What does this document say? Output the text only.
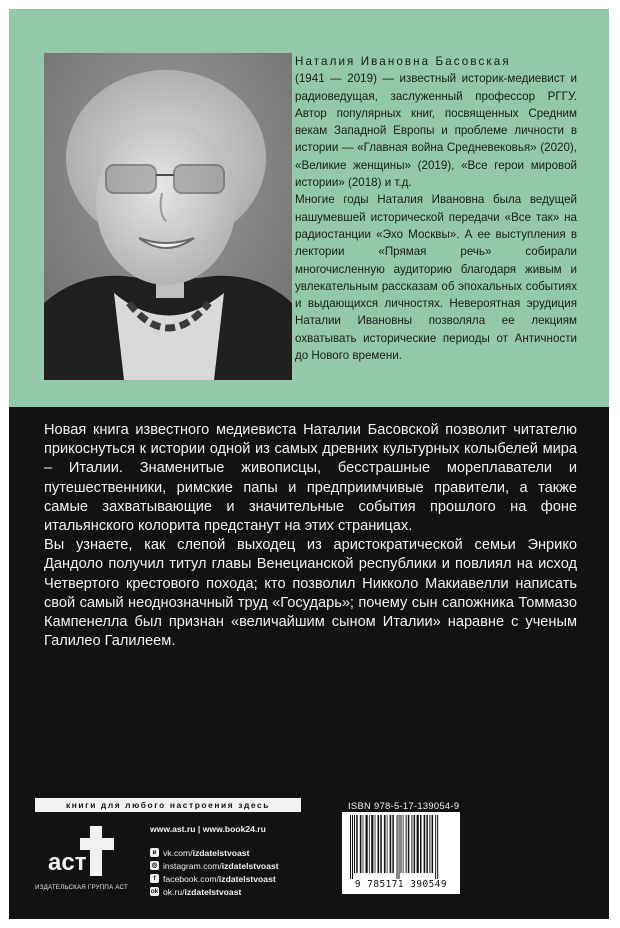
Наталия Ивановна Басовская

(1941 — 2019) — известный историк-медиевист и радиоведущая, заслуженный профессор РГГУ. Автор популярных книг, посвященных Средним векам Западной Европы и проблеме личности в истории — «Главная война Средневековья» (2020), «Великие женщины» (2019), «Все герои мировой истории» (2018) и т.д.

Многие годы Наталия Ивановна была ведущей нашумевшей исторической передачи «Все так» на радиостанции «Эхо Москвы». А ее выступления в лектории «Прямая речь» собирали многочисленную аудиторию благодаря живым и увлекательным рассказам об эпохальных событиях и выдающихся личностях. Невероятная эрудиция Наталии Ивановны позволяла ее лекциям охватывать исторические периоды от Античности до Нового времени.

Новая книга известного медиевиста Наталии Басовской позволит читателю прикоснуться к истории одной из самых древних культурных колыбелей мира – Италии. Знаменитые живописцы, бесстрашные мореплаватели и путешественники, римские папы и предприимчивые правители, а также самые захватывающие и значительные события прошлого на фоне итальянского колорита предстанут на этих страницах.

Вы узнаете, как слепой выходец из аристократической семьи Энрико Дандоло получил титул главы Венецианской республики и повлиял на исход Четвертого крестового похода; кто позволил Никколо Макиавелли написать свой самый неоднозначный труд «Государь»; почему сын сапожника Томмазо Кампенелла был признан «величайшим сыном Италии» наравне с ученым Галилео Галилеем.

книги для любого настроения здесь
аст
ИЗДАТЕЛЬСКАЯ ГРУППА АСТ
www.ast.ru | www.book24.ru
в vk.com/ izdatelstvoast
◎ instagram.com/ izdatelstvoast
f facebook.com/ izdatelstvoast
ok ok.ru/ izdatelstvoast
ISBN 978-5-17-139054-9
9 785171 390549
